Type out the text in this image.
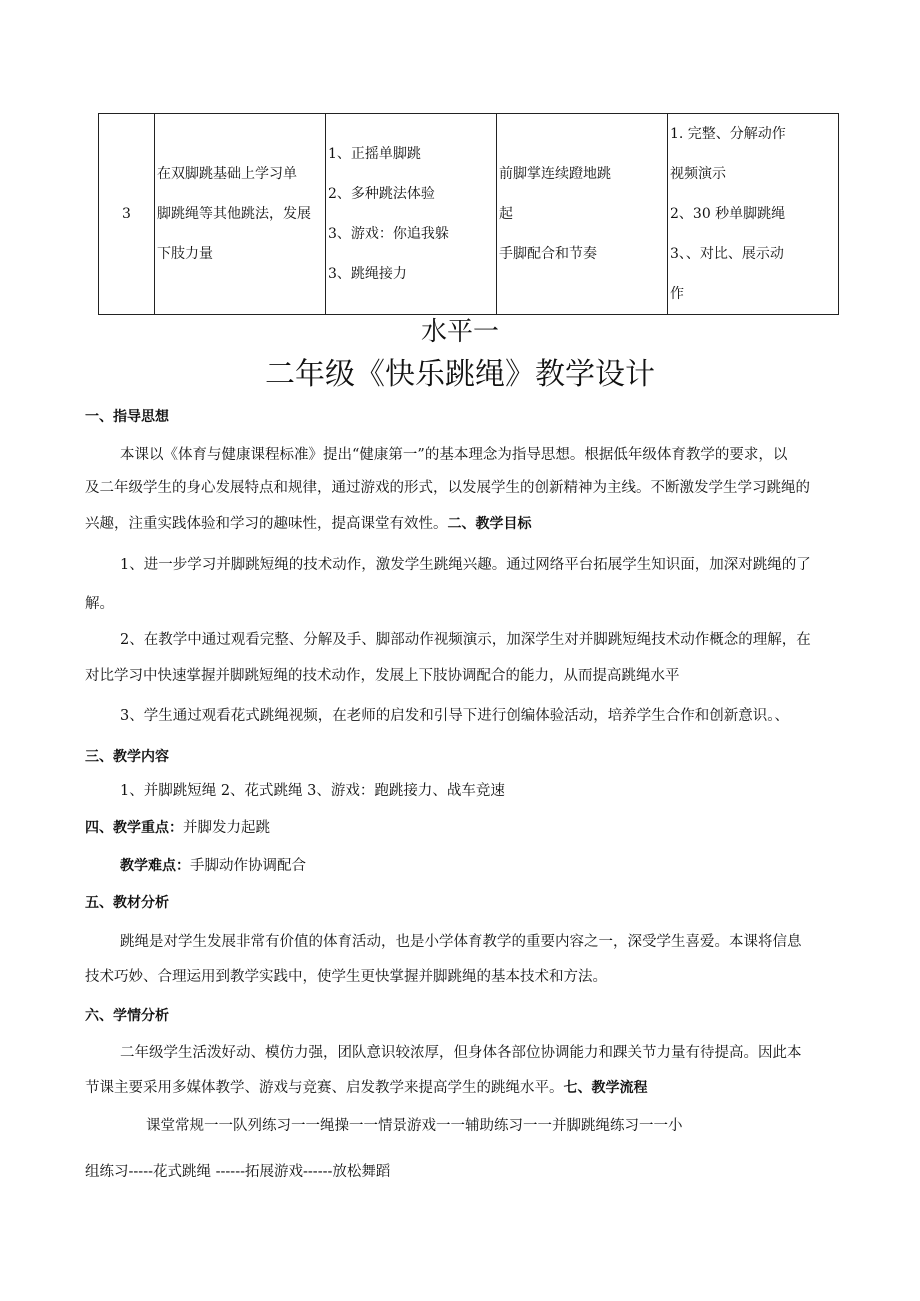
3	
在双脚跳基础上学习单
脚跳绳等其他跳法，发展
下肢力量

1、正摇单脚跳
2、多种跳法体验
3、游戏：你追我躲
3、跳绳接力

前脚掌连续蹬地跳
起
手脚配合和节奏

1. 完整、分解动作
视频演示
2、30 秒单脚跳绳
3、、对比、展示动
作
水平一
二年级《快乐跳绳》教学设计
一、指导思想
本课以《体育与健康课程标准》提出“健康第一”的基本理念为指导思想。根据低年级体育教学的要求，以
及二年级学生的身心发展特点和规律，通过游戏的形式，以发展学生的创新精神为主线。不断激发学生学习跳绳的
兴趣，注重实践体验和学习的趣味性，提高课堂有效性。二、教学目标
1、进一步学习并脚跳短绳的技术动作，激发学生跳绳兴趣。通过网络平台拓展学生知识面，加深对跳绳的了
解。
2、在教学中通过观看完整、分解及手、脚部动作视频演示，加深学生对并脚跳短绳技术动作概念的理解，在
对比学习中快速掌握并脚跳短绳的技术动作，发展上下肢协调配合的能力，从而提高跳绳水平
3、学生通过观看花式跳绳视频，在老师的启发和引导下进行创编体验活动，培养学生合作和创新意识。、
三、教学内容
1、并脚跳短绳 2、花式跳绳 3、游戏：跑跳接力、战车竞速
四、教学重点：并脚发力起跳
教学难点：手脚动作协调配合
五、教材分析
跳绳是对学生发展非常有价值的体育活动，也是小学体育教学的重要内容之一，深受学生喜爱。本课将信息
技术巧妙、合理运用到教学实践中，使学生更快掌握并脚跳绳的基本技术和方法。
六、学情分析
二年级学生活泼好动、模仿力强，团队意识较浓厚，但身体各部位协调能力和踝关节力量有待提高。因此本
节课主要采用多媒体教学、游戏与竞赛、启发教学来提高学生的跳绳水平。七、教学流程
课堂常规一一队列练习一一绳操一一情景游戏一一辅助练习一一并脚跳绳练习一一小
组练习-----花式跳绳 ------拓展游戏------放松舞蹈
